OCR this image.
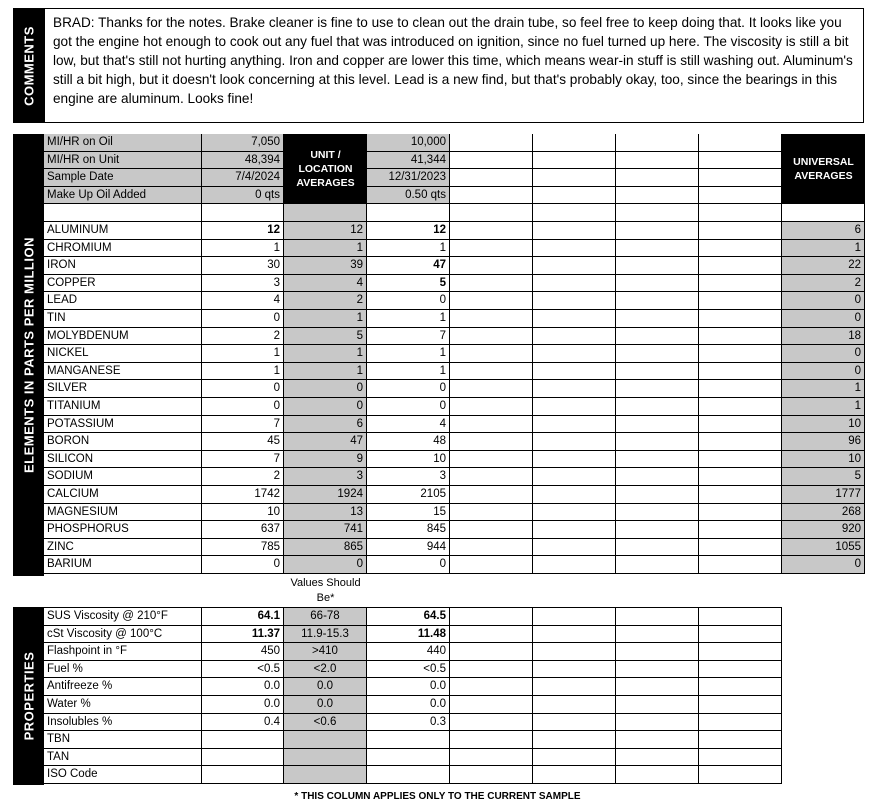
COMMENTS
BRAD: Thanks for the notes. Brake cleaner is fine to use to clean out the drain tube, so feel free to keep doing that. It looks like you got the engine hot enough to cook out any fuel that was introduced on ignition, since no fuel turned up here. The viscosity is still a bit low, but that's still not hurting anything. Iron and copper are lower this time, which means wear-in stuff is still washing out. Aluminum's still a bit high, but it doesn't look concerning at this level. Lead is a new find, but that's probably okay, too, since the bearings in this engine are aluminum. Looks fine!
MI/HR on Oil	7,050	10,000
MI/HR on Unit	48,394	41,344
Sample Date	7/4/2024	12/31/2023
Make Up Oil Added	0 qts	0.50 qts
UNIT / LOCATION AVERAGES
UNIVERSAL AVERAGES
ELEMENTS IN PARTS PER MILLION
ALUMINUM	12	12	12	6
CHROMIUM	1	1	1	1
IRON	30	39	47	22
COPPER	3	4	5	2
LEAD	4	2	0	0
TIN	0	1	1	0
MOLYBDENUM	2	5	7	18
NICKEL	1	1	1	0
MANGANESE	1	1	1	0
SILVER	0	0	0	1
TITANIUM	0	0	0	1
POTASSIUM	7	6	4	10
BORON	45	47	48	96
SILICON	7	9	10	10
SODIUM	2	3	3	5
CALCIUM	1742	1924	2105	1777
MAGNESIUM	10	13	15	268
PHOSPHORUS	637	741	845	920
ZINC	785	865	944	1055
BARIUM	0	0	0	0
Values Should Be*
PROPERTIES
SUS Viscosity @ 210°F	64.1	66-78	64.5
cSt Viscosity @ 100°C	11.37	11.9-15.3	11.48
Flashpoint in °F	450	>410	440
Fuel %	<0.5	<2.0	<0.5
Antifreeze %	0.0	0.0	0.0
Water %	0.0	0.0	0.0
Insolubles %	0.4	<0.6	0.3
TBN
TAN
ISO Code
* THIS COLUMN APPLIES ONLY TO THE CURRENT SAMPLE
